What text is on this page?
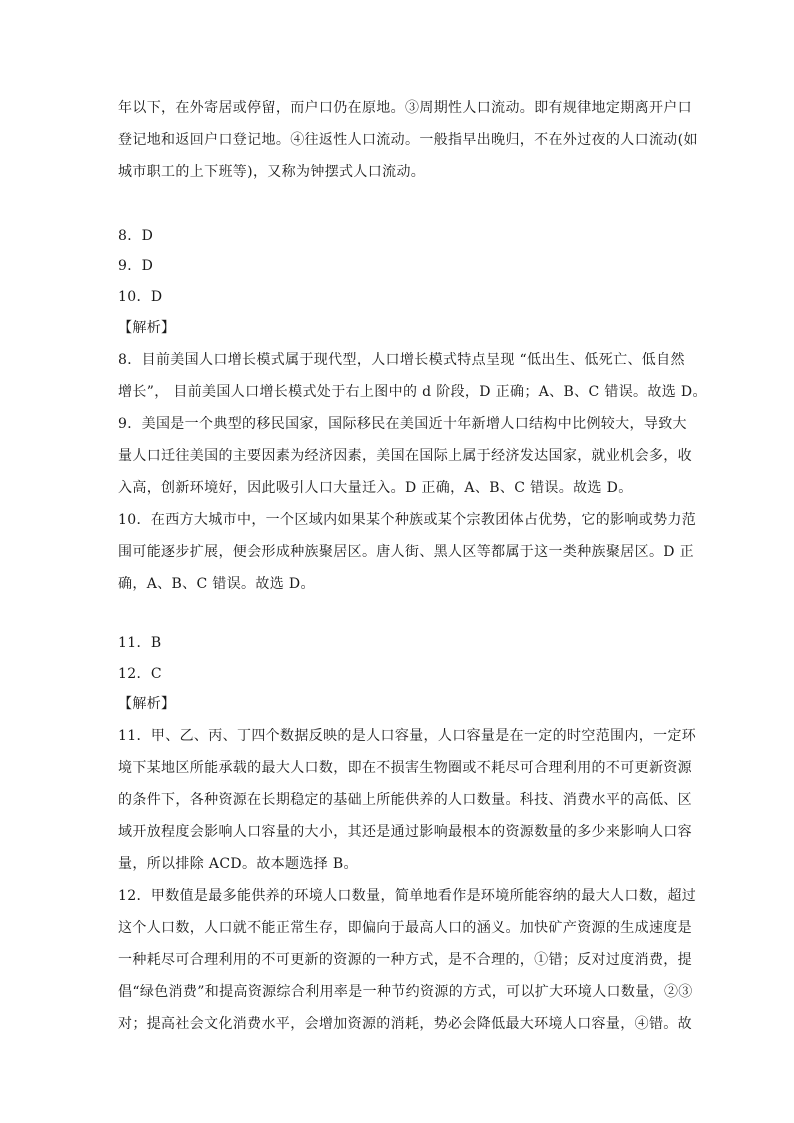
年以下，在外寄居或停留，而户口仍在原地。③周期性人口流动。即有规律地定期离开户口
登记地和返回户口登记地。④往返性人口流动。一般指早出晚归，不在外过夜的人口流动(如
城市职工的上下班等)，又称为钟摆式人口流动。
8．D
9．D
10．D
【解析】
8．目前美国人口增长模式属于现代型，人口增长模式特点呈现 “低出生、低死亡、低自然
增长”， 目前美国人口增长模式处于右上图中的 d 阶段，D 正确；A、B、C 错误。故选 D。
9．美国是一个典型的移民国家，国际移民在美国近十年新增人口结构中比例较大，导致大
量人口迁往美国的主要因素为经济因素，美国在国际上属于经济发达国家，就业机会多，收
入高，创新环境好，因此吸引人口大量迁入。D 正确，A、B、C 错误。故选 D。
10．在西方大城市中，一个区域内如果某个种族或某个宗教团体占优势，它的影响或势力范
围可能逐步扩展，便会形成种族聚居区。唐人街、黑人区等都属于这一类种族聚居区。D 正
确，A、B、C 错误。故选 D。
11．B
12．C
【解析】
11．甲、乙、丙、丁四个数据反映的是人口容量，人口容量是在一定的时空范围内，一定环
境下某地区所能承载的最大人口数，即在不损害生物圈或不耗尽可合理利用的不可更新资源
的条件下，各种资源在长期稳定的基础上所能供养的人口数量。科技、消费水平的高低、区
域开放程度会影响人口容量的大小，其还是通过影响最根本的资源数量的多少来影响人口容
量，所以排除 ACD。故本题选择 B。
12．甲数值是最多能供养的环境人口数量，简单地看作是环境所能容纳的最大人口数，超过
这个人口数，人口就不能正常生存，即偏向于最高人口的涵义。加快矿产资源的生成速度是
一种耗尽可合理利用的不可更新的资源的一种方式，是不合理的，①错；反对过度消费，提
倡“绿色消费”和提高资源综合利用率是一种节约资源的方式，可以扩大环境人口数量，②③
对；提高社会文化消费水平，会增加资源的消耗，势必会降低最大环境人口容量，④错。故
